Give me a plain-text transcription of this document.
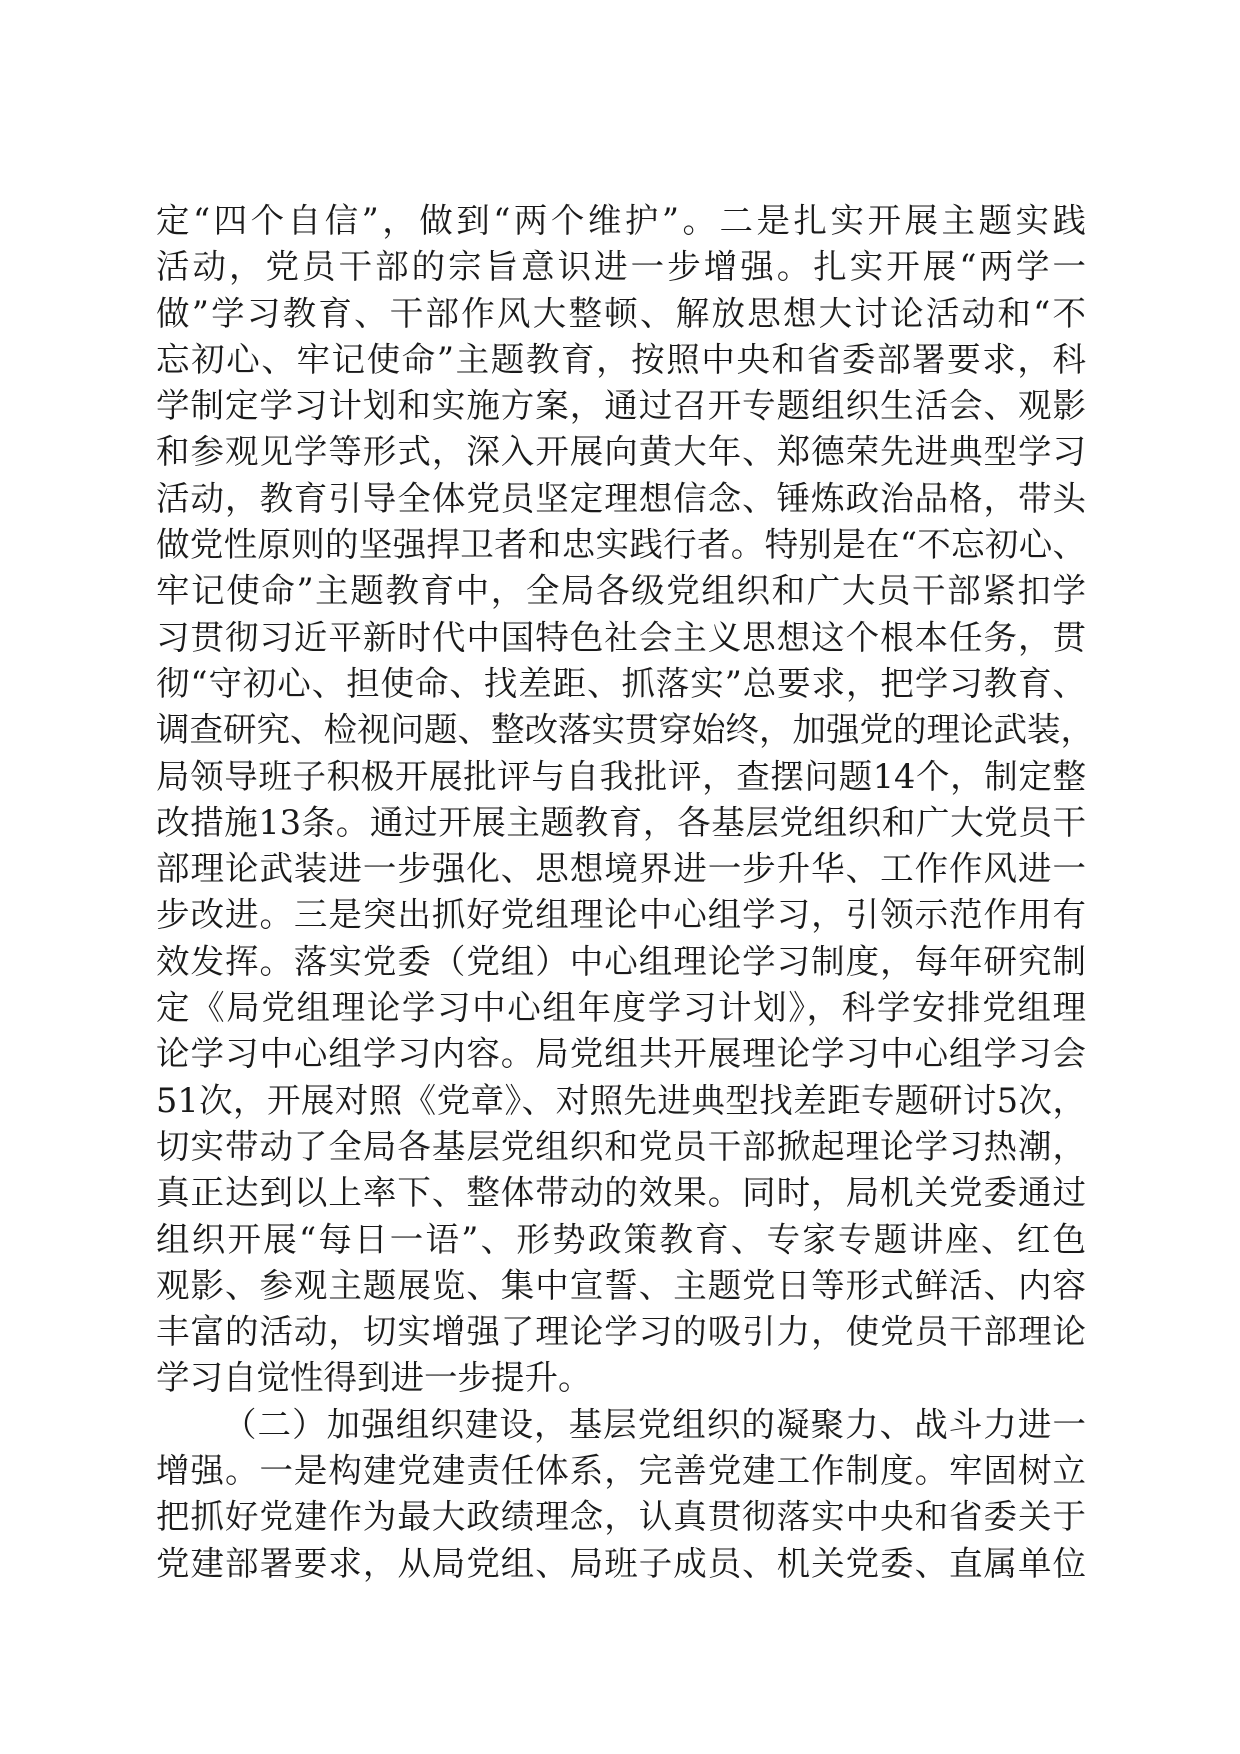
定“四个自信”，做到“两个维护”。二是扎实开展主题实践
活动，党员干部的宗旨意识进一步增强。扎实开展“两学一
做”学习教育、干部作风大整顿、解放思想大讨论活动和“不
忘初心、牢记使命”主题教育，按照中央和省委部署要求，科
学制定学习计划和实施方案，通过召开专题组织生活会、观影
和参观见学等形式，深入开展向黄大年、郑德荣先进典型学习
活动，教育引导全体党员坚定理想信念、锤炼政治品格，带头
做党性原则的坚强捍卫者和忠实践行者。特别是在“不忘初心、
牢记使命”主题教育中，全局各级党组织和广大员干部紧扣学
习贯彻习近平新时代中国特色社会主义思想这个根本任务，贯
彻“守初心、担使命、找差距、抓落实”总要求，把学习教育、
调查研究、检视问题、整改落实贯穿始终，加强党的理论武装，
局领导班子积极开展批评与自我批评，查摆问题14个，制定整
改措施13条。通过开展主题教育，各基层党组织和广大党员干
部理论武装进一步强化、思想境界进一步升华、工作作风进一
步改进。三是突出抓好党组理论中心组学习，引领示范作用有
效发挥。落实党委（党组）中心组理论学习制度，每年研究制
定《局党组理论学习中心组年度学习计划》，科学安排党组理
论学习中心组学习内容。局党组共开展理论学习中心组学习会
51次，开展对照《党章》、对照先进典型找差距专题研讨5次，
切实带动了全局各基层党组织和党员干部掀起理论学习热潮，
真正达到以上率下、整体带动的效果。同时，局机关党委通过
组织开展“每日一语”、形势政策教育、专家专题讲座、红色
观影、参观主题展览、集中宣誓、主题党日等形式鲜活、内容
丰富的活动，切实增强了理论学习的吸引力，使党员干部理论
学习自觉性得到进一步提升。
（二）加强组织建设，基层党组织的凝聚力、战斗力进一
增强。一是构建党建责任体系，完善党建工作制度。牢固树立
把抓好党建作为最大政绩理念，认真贯彻落实中央和省委关于
党建部署要求，从局党组、局班子成员、机关党委、直属单位
